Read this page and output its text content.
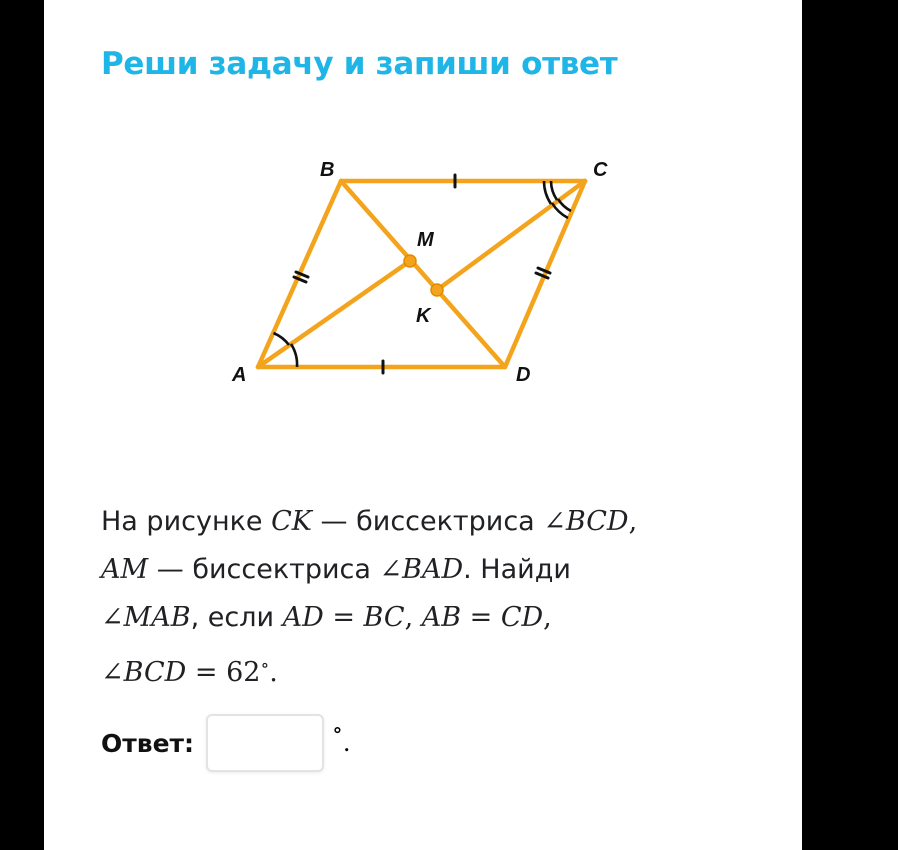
Реши задачу и запиши ответ
B	C
M
K
A	D
На рисунке CK — биссектриса ∠BCD,
AM — биссектриса ∠BAD. Найди
∠MAB, если AD = BC, AB = CD,
∠BCD = 62∘.
Ответ:	∘.
